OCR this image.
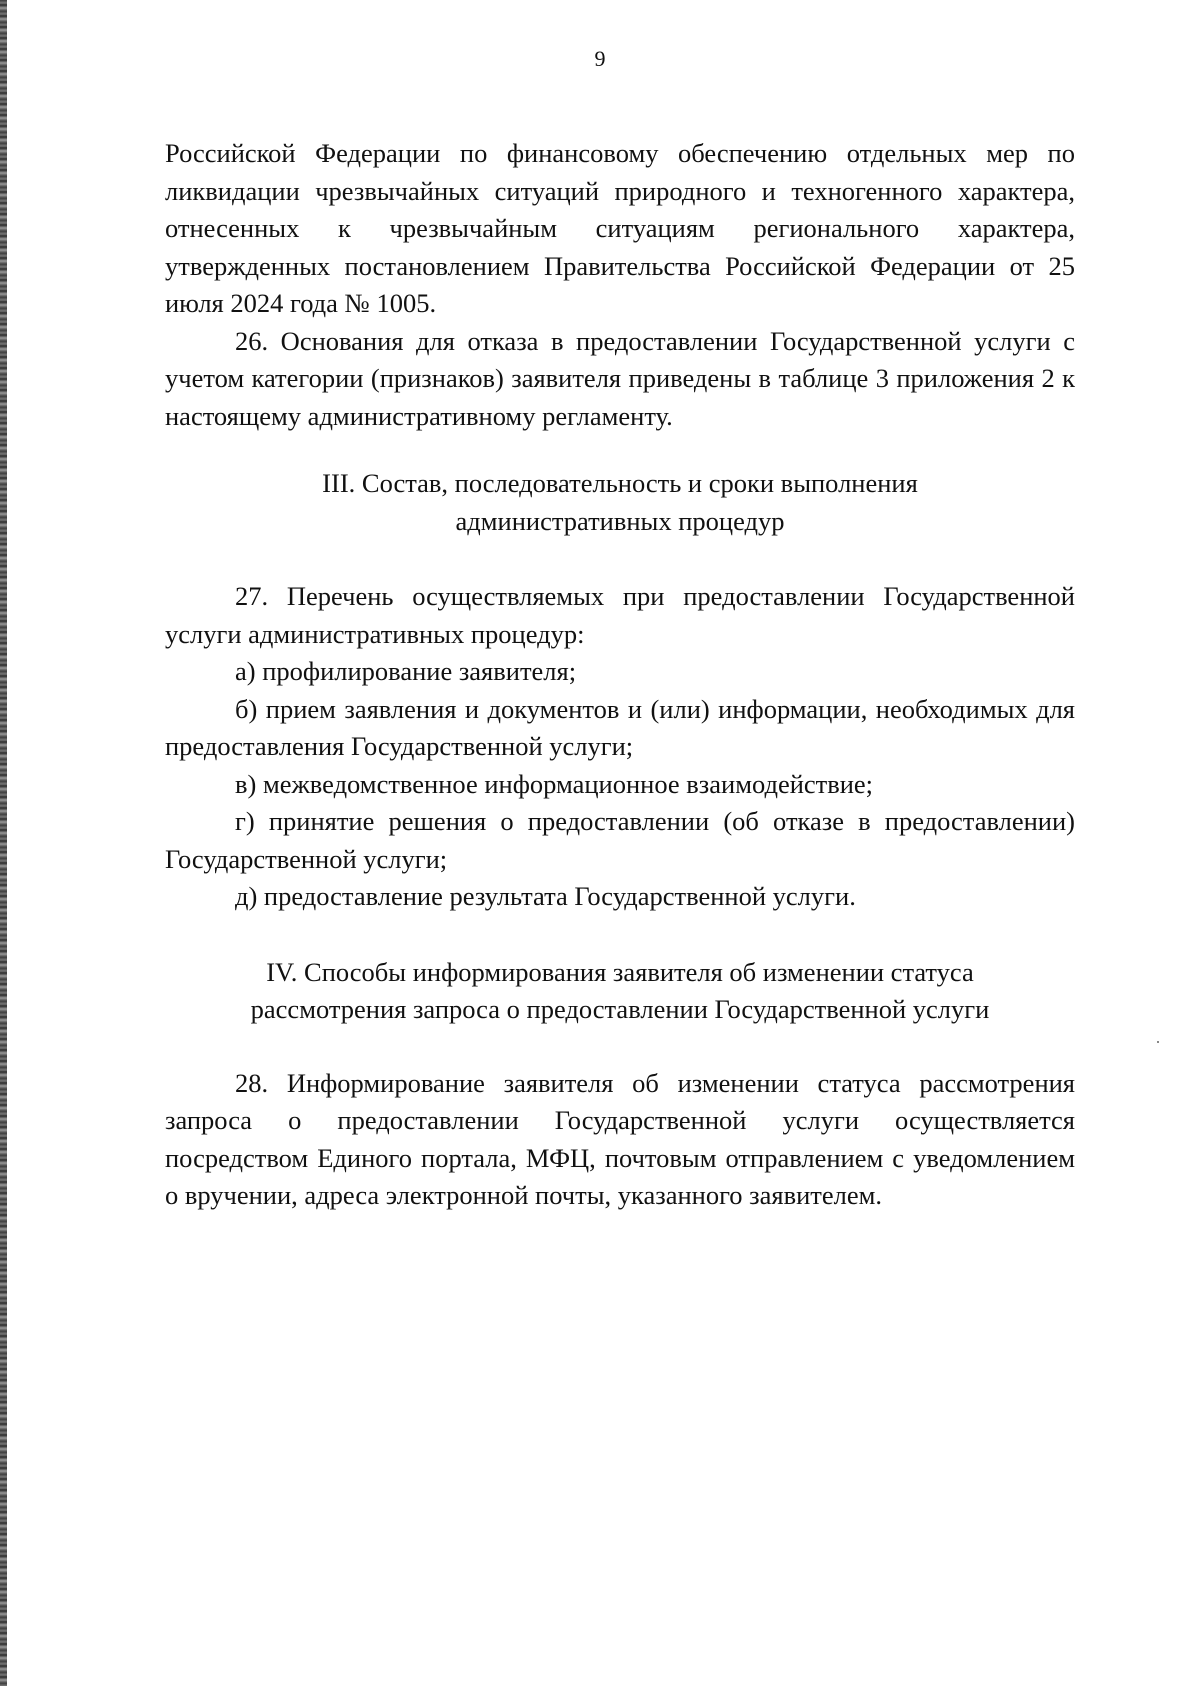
9

Российской Федерации по финансовому обеспечению отдельных мер по ликвидации чрезвычайных ситуаций природного и техногенного характера, отнесенных к чрезвычайным ситуациям регионального характера, утвержденных постановлением Правительства Российской Федерации от 25 июля 2024 года № 1005.

26. Основания для отказа в предоставлении Государственной услуги с учетом категории (признаков) заявителя приведены в таблице 3 приложения 2 к настоящему административному регламенту.

III. Состав, последовательность и сроки выполнения
административных процедур

27. Перечень осуществляемых при предоставлении Государственной услуги административных процедур:

а) профилирование заявителя;

б) прием заявления и документов и (или) информации, необходимых для предоставления Государственной услуги;

в) межведомственное информационное взаимодействие;

г) принятие решения о предоставлении (об отказе в предоставлении) Государственной услуги;

д) предоставление результата Государственной услуги.

IV. Способы информирования заявителя об изменении статуса
рассмотрения запроса о предоставлении Государственной услуги

28. Информирование заявителя об изменении статуса рассмотрения запроса о предоставлении Государственной услуги осуществляется посредством Единого портала, МФЦ, почтовым отправлением с уведомлением о вручении, адреса электронной почты, указанного заявителем.
